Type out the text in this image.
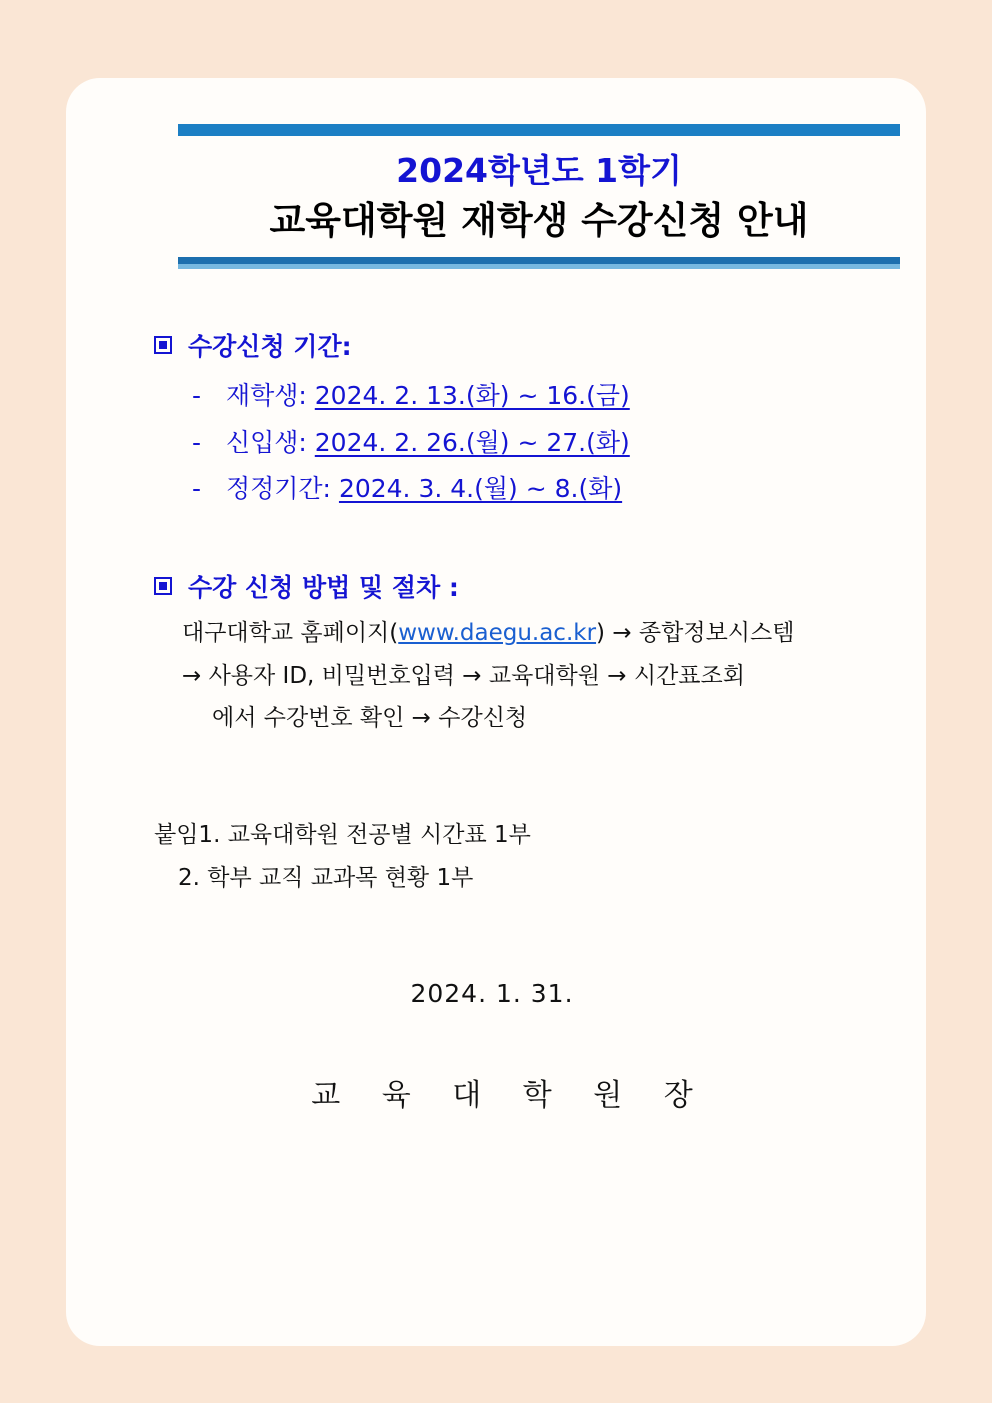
2024학년도 1학기
교육대학원 재학생 수강신청 안내
수강신청 기간:
- 재학생: 2024. 2. 13.(화) ~ 16.(금)
- 신입생: 2024. 2. 26.(월) ~ 27.(화)
- 정정기간: 2024. 3. 4.(월) ~ 8.(화)
수강 신청 방법 및 절차 :
대구대학교 홈페이지(www.daegu.ac.kr) → 종합정보시스템
→ 사용자 ID, 비밀번호입력 → 교육대학원 → 시간표조회
에서 수강번호 확인 → 수강신청
붙임1. 교육대학원 전공별 시간표 1부
2. 학부 교직 교과목 현황 1부
2024. 1. 31.
교 육 대 학 원 장
